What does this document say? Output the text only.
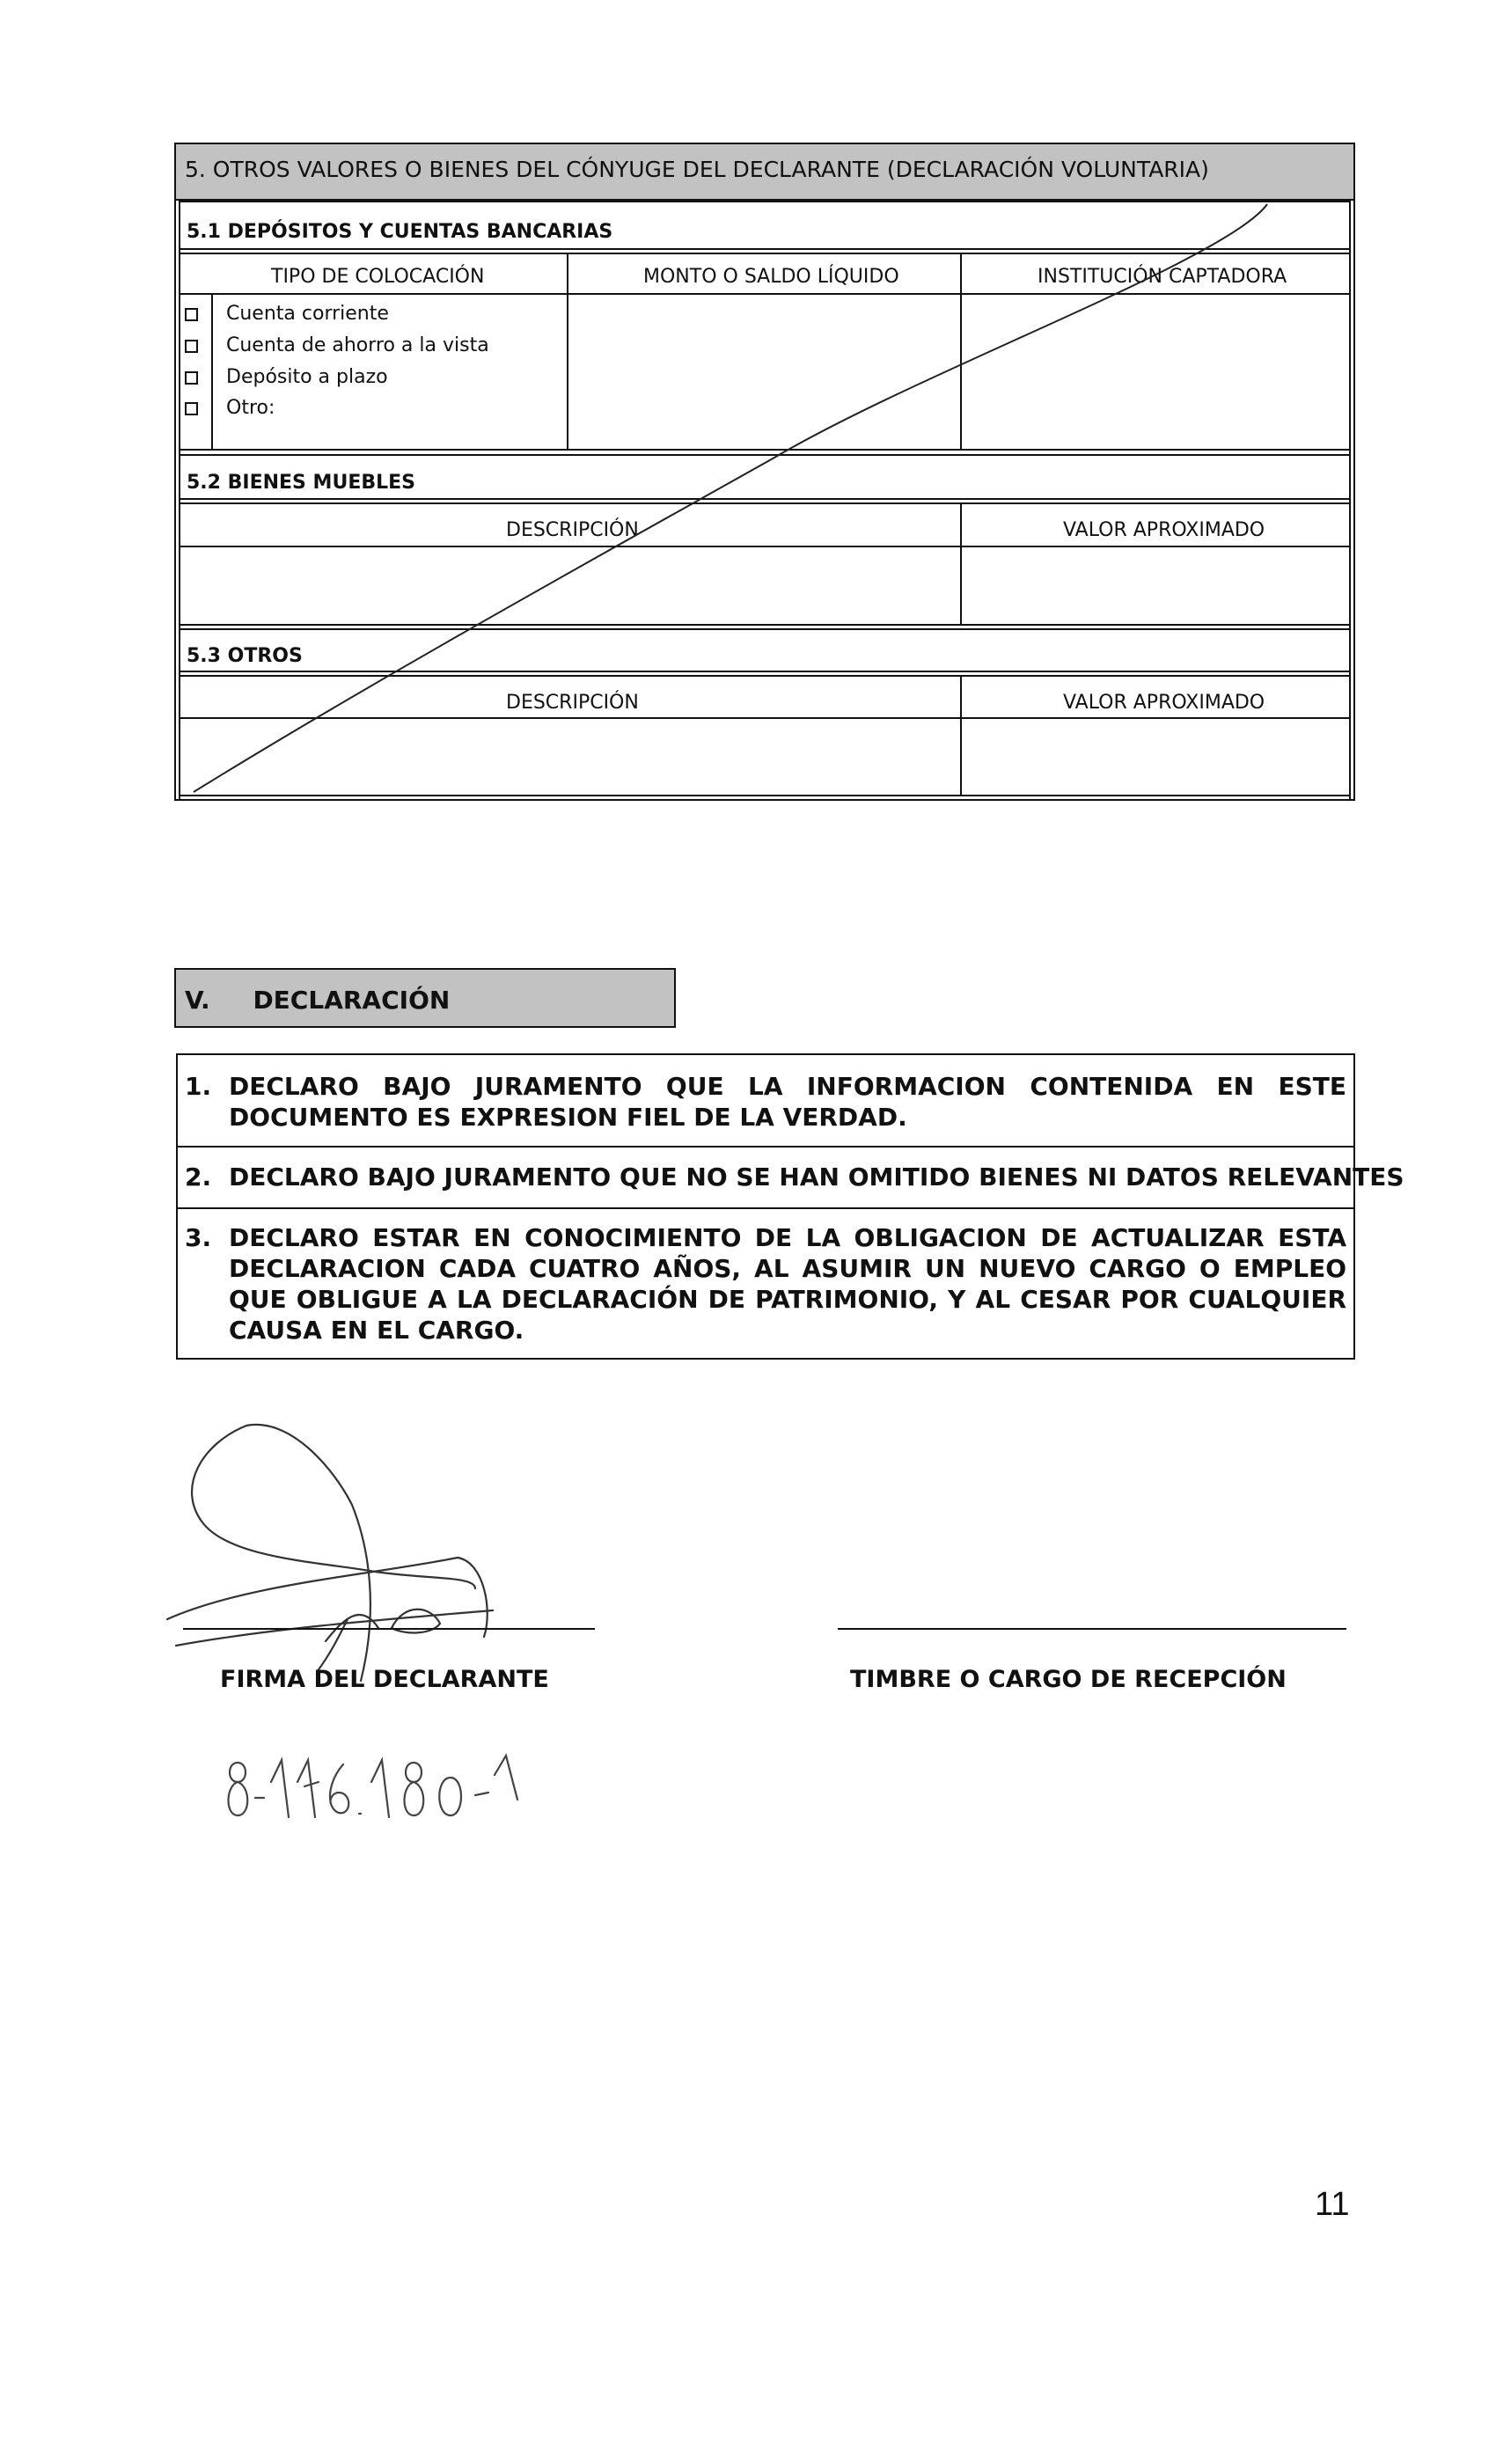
5. OTROS VALORES O BIENES DEL CÓNYUGE DEL DECLARANTE (DECLARACIÓN VOLUNTARIA)
5.1 DEPÓSITOS Y CUENTAS BANCARIAS
TIPO DE COLOCACIÓN	MONTO O SALDO LÍQUIDO	INSTITUCIÓN CAPTADORA
Cuenta corriente
Cuenta de ahorro a la vista
Depósito a plazo
Otro:
5.2 BIENES MUEBLES
DESCRIPCIÓN	VALOR APROXIMADO
5.3 OTROS
DESCRIPCIÓN	VALOR APROXIMADO
V.     DECLARACIÓN
1. DECLARO BAJO JURAMENTO QUE LA INFORMACION CONTENIDA EN ESTE DOCUMENTO ES EXPRESION FIEL DE LA VERDAD.
2. DECLARO BAJO JURAMENTO QUE NO SE HAN OMITIDO BIENES NI DATOS RELEVANTES
3. DECLARO ESTAR EN CONOCIMIENTO DE LA OBLIGACION DE ACTUALIZAR ESTA DECLARACION CADA CUATRO AÑOS, AL ASUMIR UN NUEVO CARGO O EMPLEO QUE OBLIGUE A LA DECLARACIÓN DE PATRIMONIO, Y AL CESAR POR CUALQUIER CAUSA EN EL CARGO.
FIRMA DEL DECLARANTE	TIMBRE O CARGO DE RECEPCIÓN
11
